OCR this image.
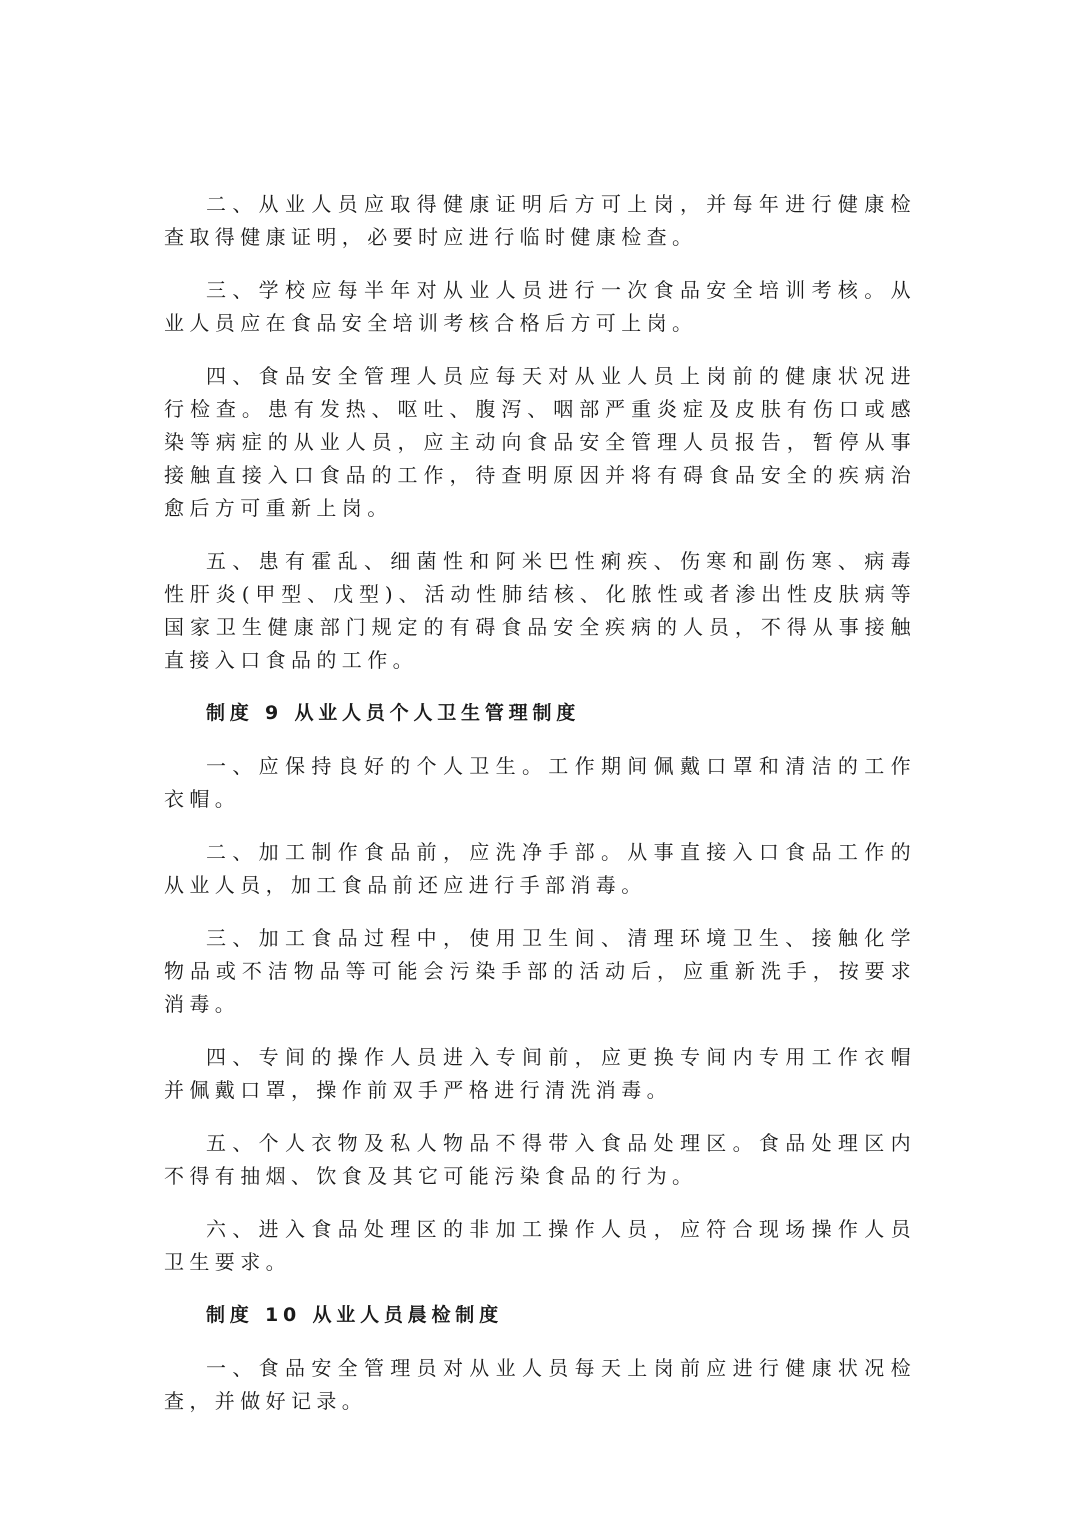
二、从业人员应取得健康证明后方可上岗，并每年进行健康检查取得健康证明，必要时应进行临时健康检查。

三、学校应每半年对从业人员进行一次食品安全培训考核。从业人员应在食品安全培训考核合格后方可上岗。

四、食品安全管理人员应每天对从业人员上岗前的健康状况进行检查。患有发热、呕吐、腹泻、咽部严重炎症及皮肤有伤口或感染等病症的从业人员，应主动向食品安全管理人员报告，暂停从事接触直接入口食品的工作，待查明原因并将有碍食品安全的疾病治愈后方可重新上岗。

五、患有霍乱、细菌性和阿米巴性痢疾、伤寒和副伤寒、病毒性肝炎(甲型、戊型)、活动性肺结核、化脓性或者渗出性皮肤病等国家卫生健康部门规定的有碍食品安全疾病的人员，不得从事接触直接入口食品的工作。

制度 9 从业人员个人卫生管理制度

一、应保持良好的个人卫生。工作期间佩戴口罩和清洁的工作衣帽。

二、加工制作食品前，应洗净手部。从事直接入口食品工作的从业人员，加工食品前还应进行手部消毒。

三、加工食品过程中，使用卫生间、清理环境卫生、接触化学物品或不洁物品等可能会污染手部的活动后，应重新洗手，按要求消毒。

四、专间的操作人员进入专间前，应更换专间内专用工作衣帽并佩戴口罩，操作前双手严格进行清洗消毒。

五、个人衣物及私人物品不得带入食品处理区。食品处理区内不得有抽烟、饮食及其它可能污染食品的行为。

六、进入食品处理区的非加工操作人员，应符合现场操作人员卫生要求。

制度 10 从业人员晨检制度

一、食品安全管理员对从业人员每天上岗前应进行健康状况检查，并做好记录。
